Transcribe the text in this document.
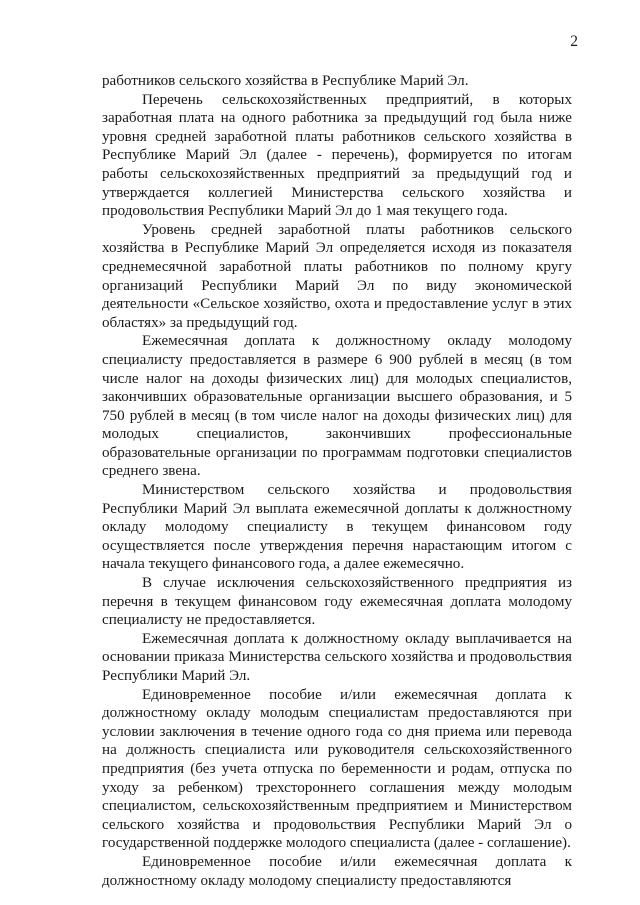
2

работников сельского хозяйства в Республике Марий Эл.

Перечень сельскохозяйственных предприятий, в которых заработная плата на одного работника за предыдущий год была ниже уровня средней заработной платы работников сельского хозяйства в Республике Марий Эл (далее - перечень), формируется по итогам работы сельскохозяйственных предприятий за предыдущий год и утверждается коллегией Министерства сельского хозяйства и продовольствия Республики Марий Эл до 1 мая текущего года.

Уровень средней заработной платы работников сельского хозяйства в Республике Марий Эл определяется исходя из показателя среднемесячной заработной платы работников по полному кругу организаций Республики Марий Эл по виду экономической деятельности «Сельское хозяйство, охота и предоставление услуг в этих областях» за предыдущий год.

Ежемесячная доплата к должностному окладу молодому специалисту предоставляется в размере 6 900 рублей в месяц (в том числе налог на доходы физических лиц) для молодых специалистов, закончивших образовательные организации высшего образования, и 5 750 рублей в месяц (в том числе налог на доходы физических лиц) для молодых специалистов, закончивших профессиональные образовательные организации по программам подготовки специалистов среднего звена.

Министерством сельского хозяйства и продовольствия Республики Марий Эл выплата ежемесячной доплаты к должностному окладу молодому специалисту в текущем финансовом году осуществляется после утверждения перечня нарастающим итогом с начала текущего финансового года, а далее ежемесячно.

В случае исключения сельскохозяйственного предприятия из перечня в текущем финансовом году ежемесячная доплата молодому специалисту не предоставляется.

Ежемесячная доплата к должностному окладу выплачивается на основании приказа Министерства сельского хозяйства и продовольствия Республики Марий Эл.

Единовременное пособие и/или ежемесячная доплата к должностному окладу молодым специалистам предоставляются при условии заключения в течение одного года со дня приема или перевода на должность специалиста или руководителя сельскохозяйственного предприятия (без учета отпуска по беременности и родам, отпуска по уходу за ребенком) трехстороннего соглашения между молодым специалистом, сельскохозяйственным предприятием и Министерством сельского хозяйства и продовольствия Республики Марий Эл о государственной поддержке молодого специалиста (далее - соглашение).

Единовременное пособие и/или ежемесячная доплата к должностному окладу молодому специалисту предоставляются
